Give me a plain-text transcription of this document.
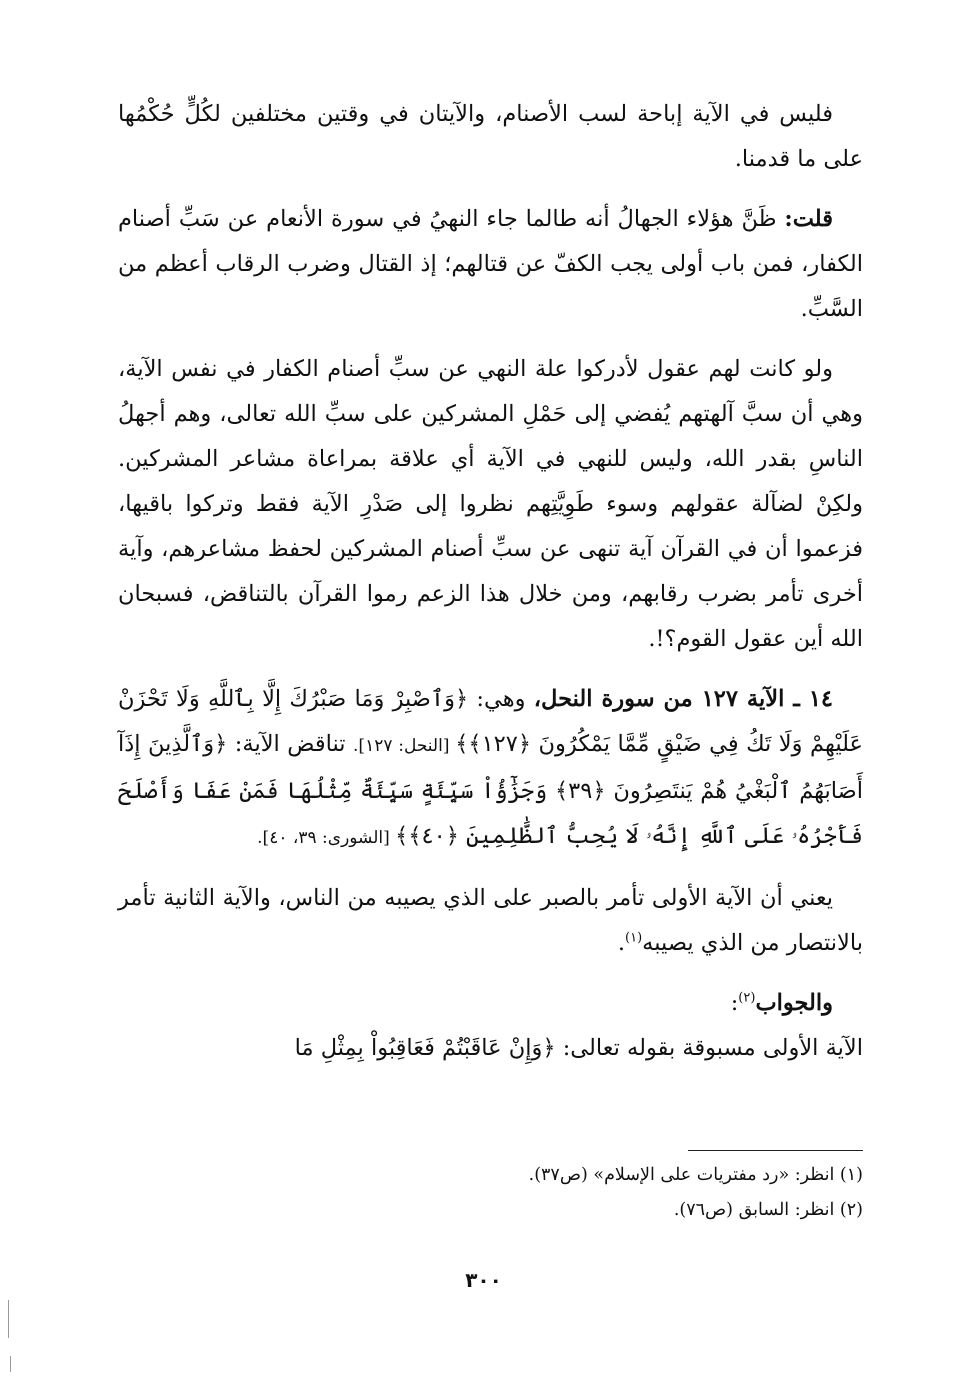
فليس في الآية إباحة لسب الأصنام، والآيتان في وقتين مختلفين لكُلٍّ حُكْمُها على ما قدمنا.

قلت: ظَنَّ هؤلاء الجهالُ أنه طالما جاء النهيُ في سورة الأنعام عن سَبِّ أصنام الكفار، فمن باب أولى يجب الكفّ عن قتالهم؛ إذ القتال وضرب الرقاب أعظم من السَّبِّ.

ولو كانت لهم عقول لأدركوا علة النهي عن سبِّ أصنام الكفار في نفس الآية، وهي أن سبَّ آلهتهم يُفضي إلى حَمْلِ المشركين على سبِّ الله تعالى، وهم أجهلُ الناسِ بقدر الله، وليس للنهي في الآية أي علاقة بمراعاة مشاعر المشركين. ولكِنْ لضآلة عقولهم وسوء طَوِيَّتِهم نظروا إلى صَدْرِ الآية فقط وتركوا باقيها، فزعموا أن في القرآن آية تنهى عن سبِّ أصنام المشركين لحفظ مشاعرهم، وآية أخرى تأمر بضرب رقابهم، ومن خلال هذا الزعم رموا القرآن بالتناقض، فسبحان الله أين عقول القوم؟!.

١٤ ـ الآية ١٢٧ من سورة النحل، وهي: ﴿وَٱصْبِرْ وَمَا صَبْرُكَ إِلَّا بِٱللَّهِ وَلَا تَحْزَنْ عَلَيْهِمْ وَلَا تَكُ فِي ضَيْقٍ مِّمَّا يَمْكُرُونَ ﴿١٢٧﴾﴾ [النحل: ١٢٧]. تناقض الآية: ﴿وَٱلَّذِينَ إِذَآ أَصَابَهُمُ ٱلْبَغْيُ هُمْ يَنتَصِرُونَ ﴿٣٩﴾ وَجَزَٰٓؤُاْ سَيِّئَةٍ سَيِّئَةٌ مِّثْلُهَا فَمَنْ عَفَا وَأَصْلَحَ فَأَجْرُهُۥ عَلَى ٱللَّهِ إِنَّهُۥ لَا يُحِبُّ ٱلظَّٰلِمِينَ ﴿٤٠﴾﴾ [الشورى: ٣٩، ٤٠].

يعني أن الآية الأولى تأمر بالصبر على الذي يصيبه من الناس، والآية الثانية تأمر بالانتصار من الذي يصيبه$^{(١)}$.

والجواب$^{(٢)}$:

الآية الأولى مسبوقة بقوله تعالى: ﴿وَإِنْ عَاقَبْتُمْ فَعَاقِبُواْ بِمِثْلِ مَا

(١) انظر: «رد مفتريات على الإسلام» (ص٣٧).
(٢) انظر: السابق (ص٧٦).
٣٠٠
